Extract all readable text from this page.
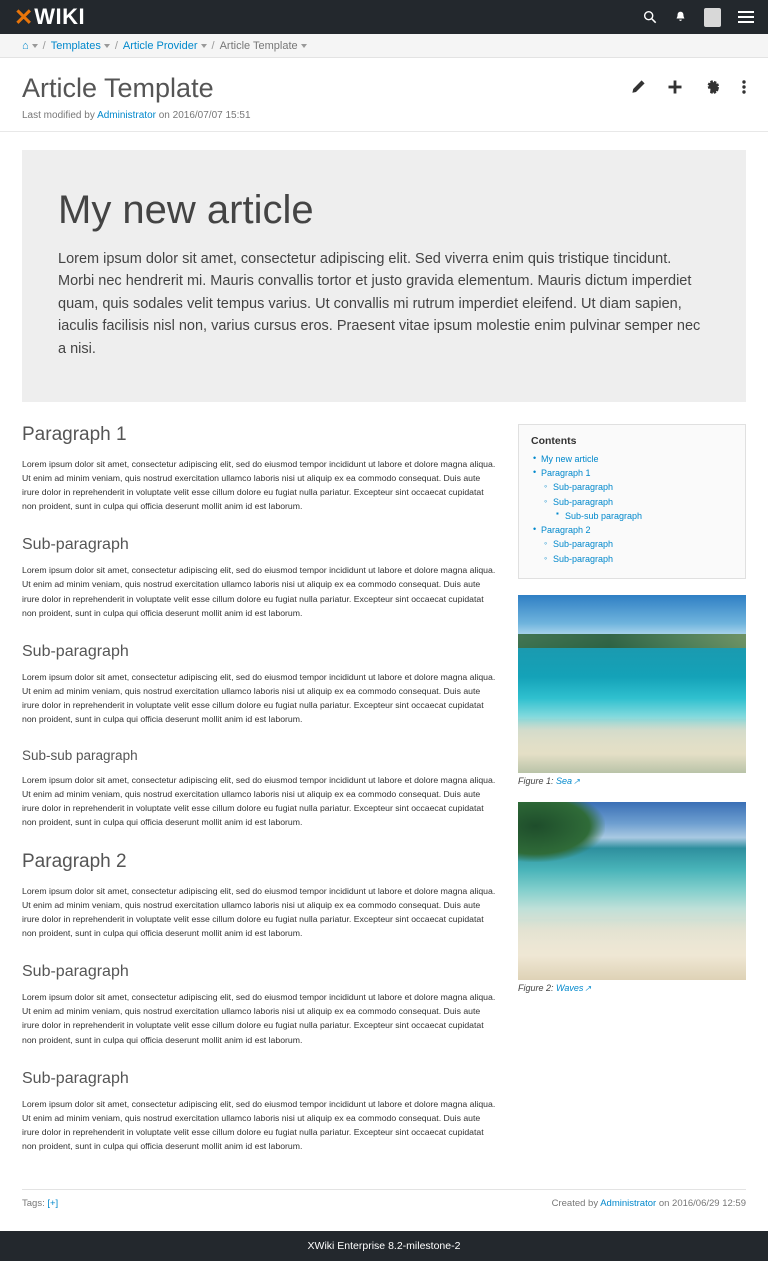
✕ WIKI
⌂ / Templates / Article Provider / Article Template
Article Template
Last modified by Administrator on 2016/07/07 15:51
My new article

Lorem ipsum dolor sit amet, consectetur adipiscing elit. Sed viverra enim quis tristique tincidunt. Morbi nec hendrerit mi. Mauris convallis tortor et justo gravida elementum. Mauris dictum imperdiet quam, quis sodales velit tempus varius. Ut convallis mi rutrum imperdiet eleifend. Ut diam sapien, iaculis facilisis nisl non, varius cursus eros. Praesent vitae ipsum molestie enim pulvinar semper nec a nisi.

Paragraph 1

Lorem ipsum dolor sit amet, consectetur adipiscing elit, sed do eiusmod tempor incididunt ut labore et dolore magna aliqua. Ut enim ad minim veniam, quis nostrud exercitation ullamco laboris nisi ut aliquip ex ea commodo consequat. Duis aute irure dolor in reprehenderit in voluptate velit esse cillum dolore eu fugiat nulla pariatur. Excepteur sint occaecat cupidatat non proident, sunt in culpa qui officia deserunt mollit anim id est laborum.

Sub-paragraph

Lorem ipsum dolor sit amet, consectetur adipiscing elit, sed do eiusmod tempor incididunt ut labore et dolore magna aliqua. Ut enim ad minim veniam, quis nostrud exercitation ullamco laboris nisi ut aliquip ex ea commodo consequat. Duis aute irure dolor in reprehenderit in voluptate velit esse cillum dolore eu fugiat nulla pariatur. Excepteur sint occaecat cupidatat non proident, sunt in culpa qui officia deserunt mollit anim id est laborum.

Sub-paragraph

Lorem ipsum dolor sit amet, consectetur adipiscing elit, sed do eiusmod tempor incididunt ut labore et dolore magna aliqua. Ut enim ad minim veniam, quis nostrud exercitation ullamco laboris nisi ut aliquip ex ea commodo consequat. Duis aute irure dolor in reprehenderit in voluptate velit esse cillum dolore eu fugiat nulla pariatur. Excepteur sint occaecat cupidatat non proident, sunt in culpa qui officia deserunt mollit anim id est laborum.

Sub-sub paragraph

Lorem ipsum dolor sit amet, consectetur adipiscing elit, sed do eiusmod tempor incididunt ut labore et dolore magna aliqua. Ut enim ad minim veniam, quis nostrud exercitation ullamco laboris nisi ut aliquip ex ea commodo consequat. Duis aute irure dolor in reprehenderit in voluptate velit esse cillum dolore eu fugiat nulla pariatur. Excepteur sint occaecat cupidatat non proident, sunt in culpa qui officia deserunt mollit anim id est laborum.

Paragraph 2

Lorem ipsum dolor sit amet, consectetur adipiscing elit, sed do eiusmod tempor incididunt ut labore et dolore magna aliqua. Ut enim ad minim veniam, quis nostrud exercitation ullamco laboris nisi ut aliquip ex ea commodo consequat. Duis aute irure dolor in reprehenderit in voluptate velit esse cillum dolore eu fugiat nulla pariatur. Excepteur sint occaecat cupidatat non proident, sunt in culpa qui officia deserunt mollit anim id est laborum.

Sub-paragraph

Lorem ipsum dolor sit amet, consectetur adipiscing elit, sed do eiusmod tempor incididunt ut labore et dolore magna aliqua. Ut enim ad minim veniam, quis nostrud exercitation ullamco laboris nisi ut aliquip ex ea commodo consequat. Duis aute irure dolor in reprehenderit in voluptate velit esse cillum dolore eu fugiat nulla pariatur. Excepteur sint occaecat cupidatat non proident, sunt in culpa qui officia deserunt mollit anim id est laborum.

Sub-paragraph

Lorem ipsum dolor sit amet, consectetur adipiscing elit, sed do eiusmod tempor incididunt ut labore et dolore magna aliqua. Ut enim ad minim veniam, quis nostrud exercitation ullamco laboris nisi ut aliquip ex ea commodo consequat. Duis aute irure dolor in reprehenderit in voluptate velit esse cillum dolore eu fugiat nulla pariatur. Excepteur sint occaecat cupidatat non proident, sunt in culpa qui officia deserunt mollit anim id est laborum.

Contents
• My new article
• Paragraph 1
◦ Sub-paragraph
◦ Sub-paragraph
▪ Sub-sub paragraph
• Paragraph 2
◦ Sub-paragraph
◦ Sub-paragraph
Figure 1: Sea ↗
Figure 2: Waves ↗
Tags: [+]	Created by Administrator on 2016/06/29 12:59
XWiki Enterprise 8.2-milestone-2
